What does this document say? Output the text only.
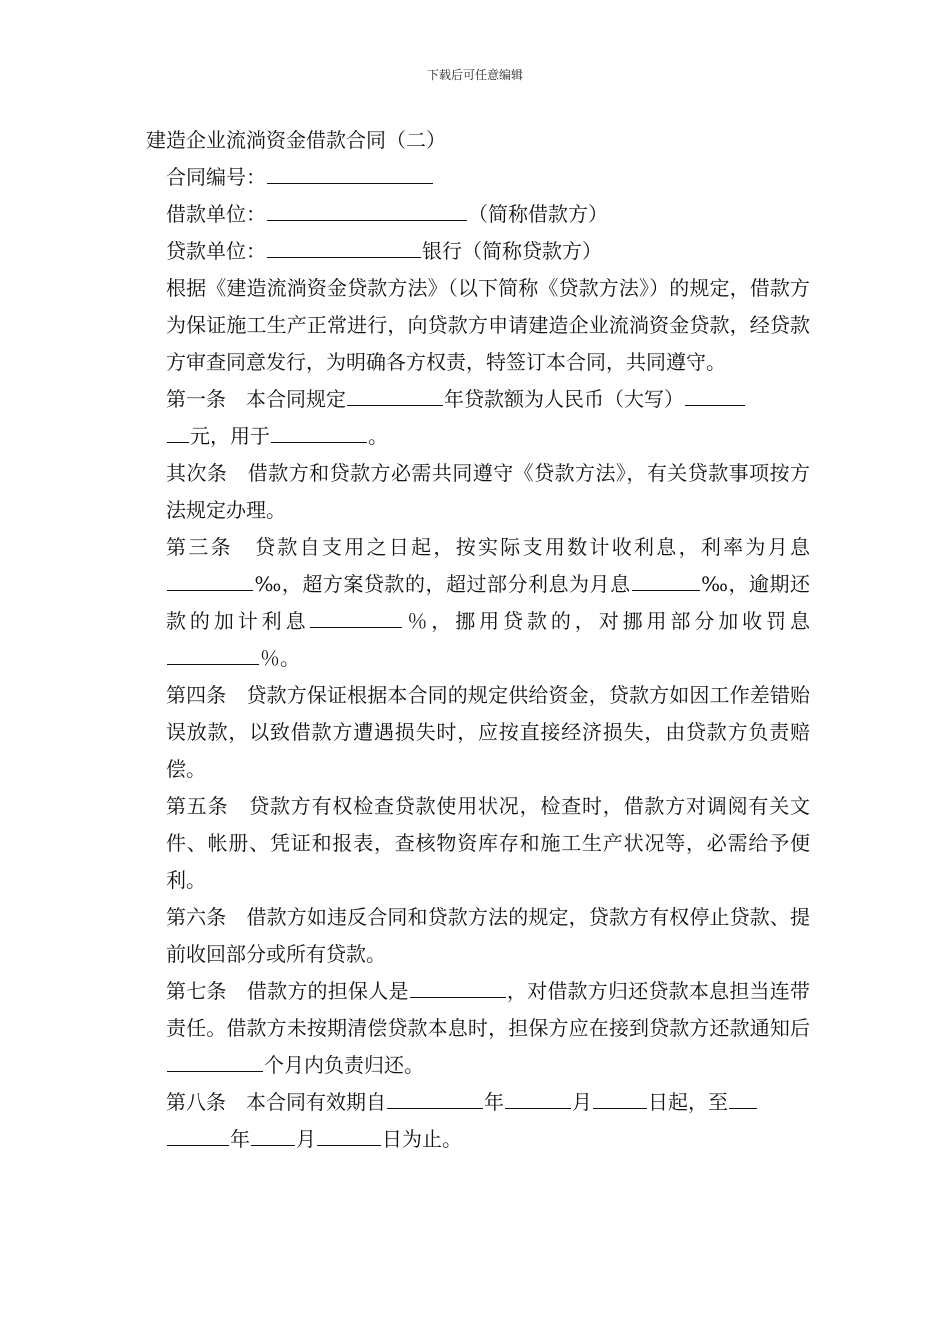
下载后可任意编辑

建造企业流淌资金借款合同（二）

合同编号：

借款单位：	（简称借款方）

贷款单位：	银行（简称贷款方）

根据《建造流淌资金贷款方法》（以下简称《贷款方法》）的规定，借款方为保证施工生产正常进行，向贷款方申请建造企业流淌资金贷款，经贷款方审查同意发行，为明确各方权责，特签订本合同，共同遵守。

第一条　本合同规定	年贷款额为人民币（大写）
元，用于	。

其次条　借款方和贷款方必需共同遵守《贷款方法》，有关贷款事项按方法规定办理。

第三条　贷款自支用之日起，按实际支用数计收利息，利率为月息‰，超方案贷款的，超过部分利息为月息	‰，逾期还款的加计利息	％，挪用贷款的，对挪用部分加收罚息％。

第四条　贷款方保证根据本合同的规定供给资金，贷款方如因工作差错贻误放款，以致借款方遭遇损失时，应按直接经济损失，由贷款方负责赔偿。

第五条　贷款方有权检查贷款使用状况，检查时，借款方对调阅有关文件、帐册、凭证和报表，查核物资库存和施工生产状况等，必需给予便利。

第六条　借款方如违反合同和贷款方法的规定，贷款方有权停止贷款、提前收回部分或所有贷款。

第七条　借款方的担保人是	，对借款方归还贷款本息担当连带责任。借款方未按期清偿贷款本息时，担保方应在接到贷款方还款通知后个月内负责归还。

第八条　本合同有效期自	年	月	日起，至
年 月	日为止。
